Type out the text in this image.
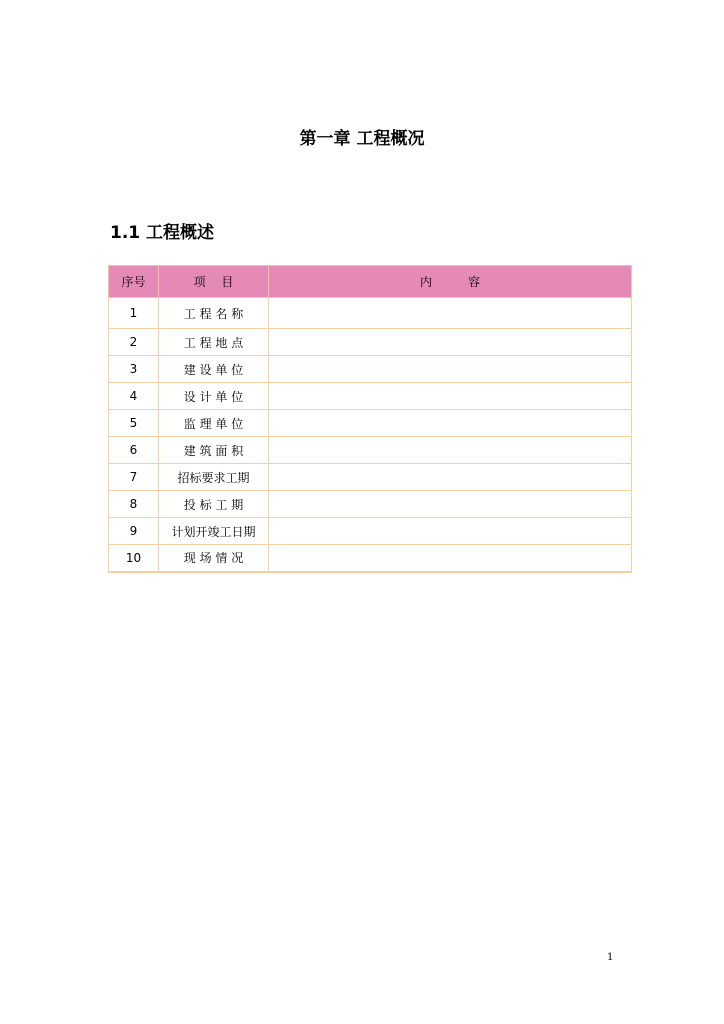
第一章 工程概况
1.1 工程概述
序号	项　 目	内　　　容
1	工 程 名 称	
2	工 程 地 点	
3	建 设 单 位	
4	设 计 单 位	
5	监 理 单 位	
6	建 筑 面 积	
7	招标要求工期	
8	投 标 工 期	
9	计划开竣工日期	
10	现 场 情 况	
1
